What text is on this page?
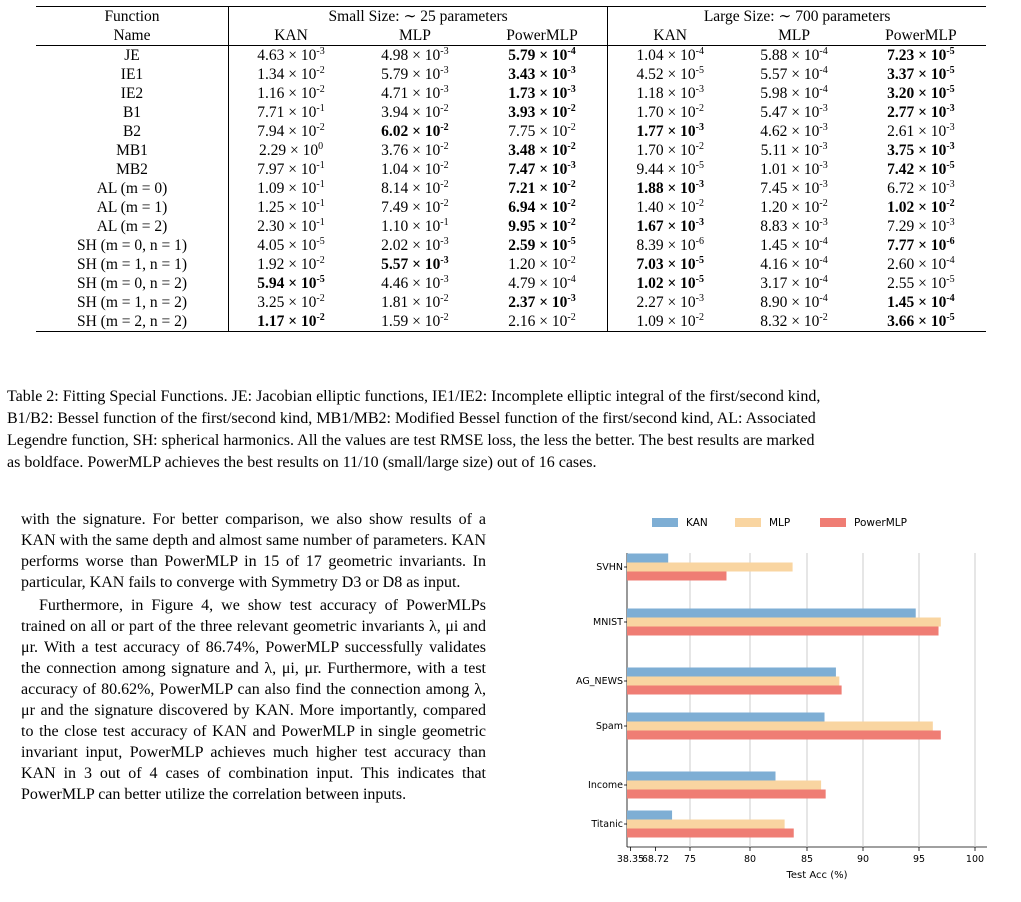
Function	Small Size: ∼ 25 parameters			Large Size: ∼ 700 parameters		
Name	KAN	MLP	PowerMLP	KAN	MLP	PowerMLP
JE	$4.63 \times 10^{-3}$	$4.98 \times 10^{-3}$	$5.79 \times 10^{-4}$	$1.04 \times 10^{-4}$	$5.88 \times 10^{-4}$	$7.23 \times 10^{-5}$
IE1	$1.34 \times 10^{-2}$	$5.79 \times 10^{-3}$	$3.43 \times 10^{-3}$	$4.52 \times 10^{-5}$	$5.57 \times 10^{-4}$	$3.37 \times 10^{-5}$
IE2	$1.16 \times 10^{-2}$	$4.71 \times 10^{-3}$	$1.73 \times 10^{-3}$	$1.18 \times 10^{-3}$	$5.98 \times 10^{-4}$	$3.20 \times 10^{-5}$
B1	$7.71 \times 10^{-1}$	$3.94 \times 10^{-2}$	$3.93 \times 10^{-2}$	$1.70 \times 10^{-2}$	$5.47 \times 10^{-3}$	$2.77 \times 10^{-3}$
B2	$7.94 \times 10^{-2}$	$6.02 \times 10^{-2}$	$7.75 \times 10^{-2}$	$1.77 \times 10^{-3}$	$4.62 \times 10^{-3}$	$2.61 \times 10^{-3}$
MB1	$2.29 \times 10^0$	$3.76 \times 10^{-2}$	$3.48 \times 10^{-2}$	$1.70 \times 10^{-2}$	$5.11 \times 10^{-3}$	$3.75 \times 10^{-3}$
MB2	$7.97 \times 10^{-1}$	$1.04 \times 10^{-2}$	$7.47 \times 10^{-3}$	$9.44 \times 10^{-5}$	$1.01 \times 10^{-3}$	$7.42 \times 10^{-5}$
AL (m = 0)	$1.09 \times 10^{-1}$	$8.14 \times 10^{-2}$	$7.21 \times 10^{-2}$	$1.88 \times 10^{-3}$	$7.45 \times 10^{-3}$	$6.72 \times 10^{-3}$
AL (m = 1)	$1.25 \times 10^{-1}$	$7.49 \times 10^{-2}$	$6.94 \times 10^{-2}$	$1.40 \times 10^{-2}$	$1.20 \times 10^{-2}$	$1.02 \times 10^{-2}$
AL (m = 2)	$2.30 \times 10^{-1}$	$1.10 \times 10^{-1}$	$9.95 \times 10^{-2}$	$1.67 \times 10^{-3}$	$8.83 \times 10^{-3}$	$7.29 \times 10^{-3}$
SH (m = 0, n = 1)	$4.05 \times 10^{-5}$	$2.02 \times 10^{-3}$	$2.59 \times 10^{-5}$	$8.39 \times 10^{-6}$	$1.45 \times 10^{-4}$	$7.77 \times 10^{-6}$
SH (m = 1, n = 1)	$1.92 \times 10^{-2}$	$5.57 \times 10^{-3}$	$1.20 \times 10^{-2}$	$7.03 \times 10^{-5}$	$4.16 \times 10^{-4}$	$2.60 \times 10^{-4}$
SH (m = 0, n = 2)	$5.94 \times 10^{-5}$	$4.46 \times 10^{-3}$	$4.79 \times 10^{-4}$	$1.02 \times 10^{-5}$	$3.17 \times 10^{-4}$	$2.55 \times 10^{-5}$
SH (m = 1, n = 2)	$3.25 \times 10^{-2}$	$1.81 \times 10^{-2}$	$2.37 \times 10^{-3}$	$2.27 \times 10^{-3}$	$8.90 \times 10^{-4}$	$1.45 \times 10^{-4}$
SH (m = 2, n = 2)	$1.17 \times 10^{-2}$	$1.59 \times 10^{-2}$	$2.16 \times 10^{-2}$	$1.09 \times 10^{-2}$	$8.32 \times 10^{-2}$	$3.66 \times 10^{-5}$
Table 2: Fitting Special Functions. JE: Jacobian elliptic functions, IE1/IE2: Incomplete elliptic integral of the first/second kind,
B1/B2: Bessel function of the first/second kind, MB1/MB2: Modified Bessel function of the first/second kind, AL: Associated
Legendre function, SH: spherical harmonics. All the values are test RMSE loss, the less the better. The best results are marked
as boldface. PowerMLP achieves the best results on 11/10 (small/large size) out of 16 cases.

with the signature. For better comparison, we also show results of a KAN with the same depth and almost same number of parameters. KAN performs worse than PowerMLP in 15 of 17 geometric invariants. In particular, KAN fails to converge with Symmetry D3 or D8 as input.

Furthermore, in Figure 4, we show test accuracy of PowerMLPs trained on all or part of the three relevant geometric invariants λ, μi and μr. With a test accuracy of 86.74%, PowerMLP successfully validates the connection among signature and λ, μi, μr. Furthermore, with a test accuracy of 80.62%, PowerMLP can also find the connection among λ, μr and the signature discovered by KAN. More importantly, compared to the close test accuracy of KAN and PowerMLP in single geometric invariant input, PowerMLP achieves much higher test accuracy than KAN in 3 out of 4 cases of combination input. This indicates that PowerMLP can better utilize the correlation between inputs.

38.35
68.72 75	80	85	90	95	100
Test Acc (%)
SVHN
MNIST
AG_NEWS
Spam
Income
Titanic
KAN	MLP	PowerMLP
